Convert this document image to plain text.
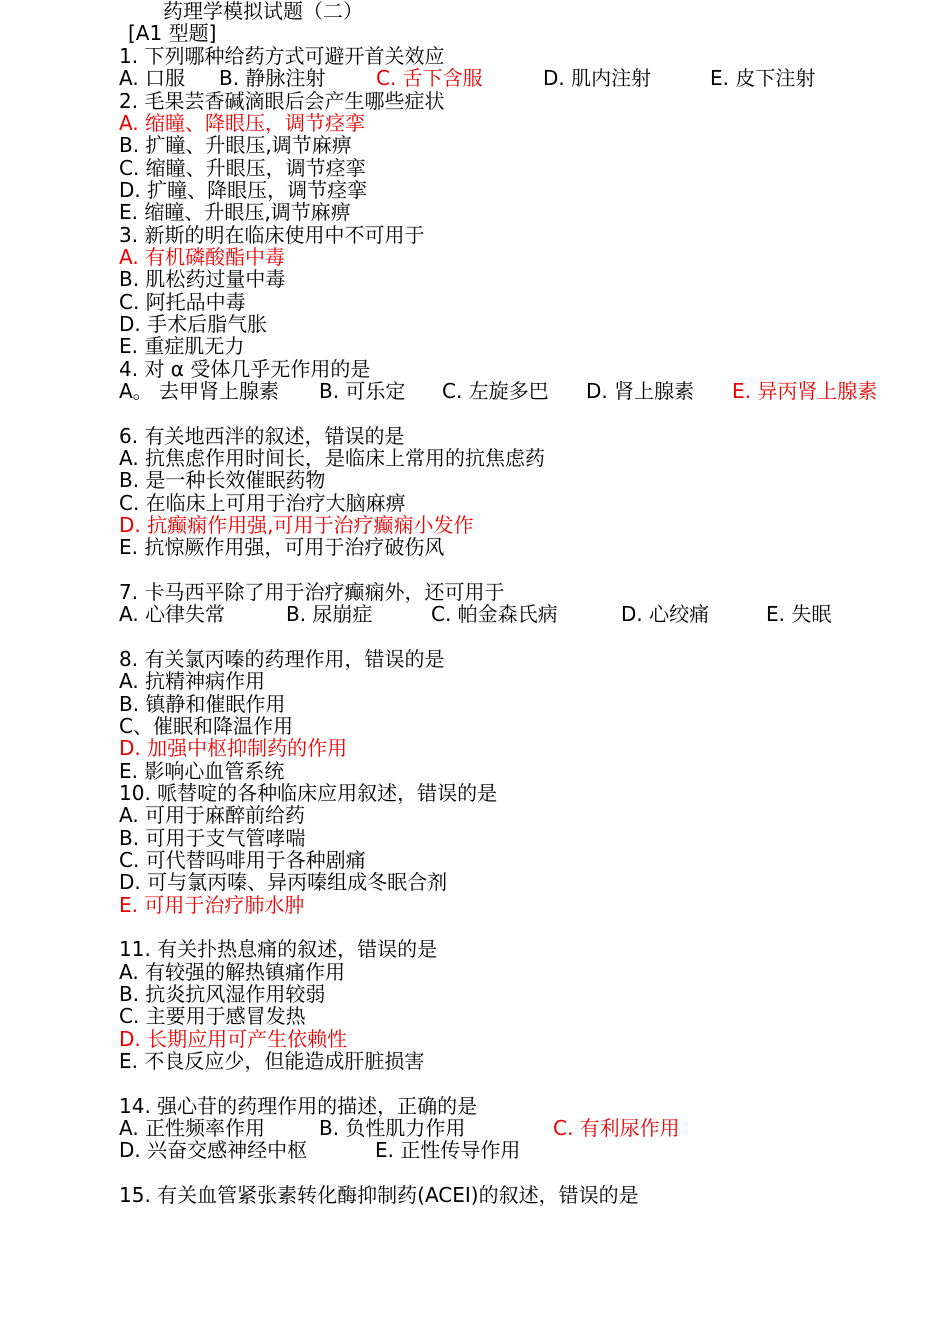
药理学模拟试题（二）
[A1 型题]
1. 下列哪种给药方式可避开首关效应

A. 口服

B. 静脉注射

	C. 舌下含服

	D. 肌内注射

	E. 皮下注射

2. 毛果芸香碱滴眼后会产生哪些症状
A. 缩瞳、降眼压，调节痉挛
B. 扩瞳、升眼压,调节麻痹
C. 缩瞳、升眼压，调节痉挛
D. 扩瞳、降眼压，调节痉挛
E. 缩瞳、升眼压,调节麻痹
3. 新斯的明在临床使用中不可用于
A. 有机磷酸酯中毒
B. 肌松药过量中毒
C. 阿托品中毒
D. 手术后脂气胀
E. 重症肌无力
4. 对 α 受体几乎无作用的是

A。 去甲肾上腺素

B. 可乐定

C. 左旋多巴

D. 肾上腺素

E. 异丙肾上腺素

6. 有关地西泮的叙述，错误的是
A. 抗焦虑作用时间长，是临床上常用的抗焦虑药
B. 是一种长效催眠药物
C. 在临床上可用于治疗大脑麻痹
D. 抗癫痫作用强,可用于治疗癫痫小发作
E. 抗惊厥作用强，可用于治疗破伤风
7. 卡马西平除了用于治疗癫痫外，还可用于

A. 心律失常

	B. 尿崩症

	C. 帕金森氏病

	D. 心绞痛

	E. 失眠

8. 有关氯丙嗪的药理作用，错误的是
A. 抗精神病作用
B. 镇静和催眠作用
C、催眠和降温作用
D. 加强中枢抑制药的作用
E. 影响心血管系统
10. 哌替啶的各种临床应用叙述，错误的是
A. 可用于麻醉前给药
B. 可用于支气管哮喘
C. 可代替吗啡用于各种剧痛
D. 可与氯丙嗪、异丙嗪组成冬眠合剂
E. 可用于治疗肺水肿
11. 有关扑热息痛的叙述，错误的是
A. 有较强的解热镇痛作用
B. 抗炎抗风湿作用较弱
C. 主要用于感冒发热
D. 长期应用可产生依赖性
E. 不良反应少，但能造成肝脏损害
14. 强心苷的药理作用的描述，正确的是

A. 正性频率作用

	B. 负性肌力作用

	C. 有利尿作用

D. 兴奋交感神经中枢

	E. 正性传导作用

15. 有关血管紧张素转化酶抑制药(ACEI)的叙述，错误的是
